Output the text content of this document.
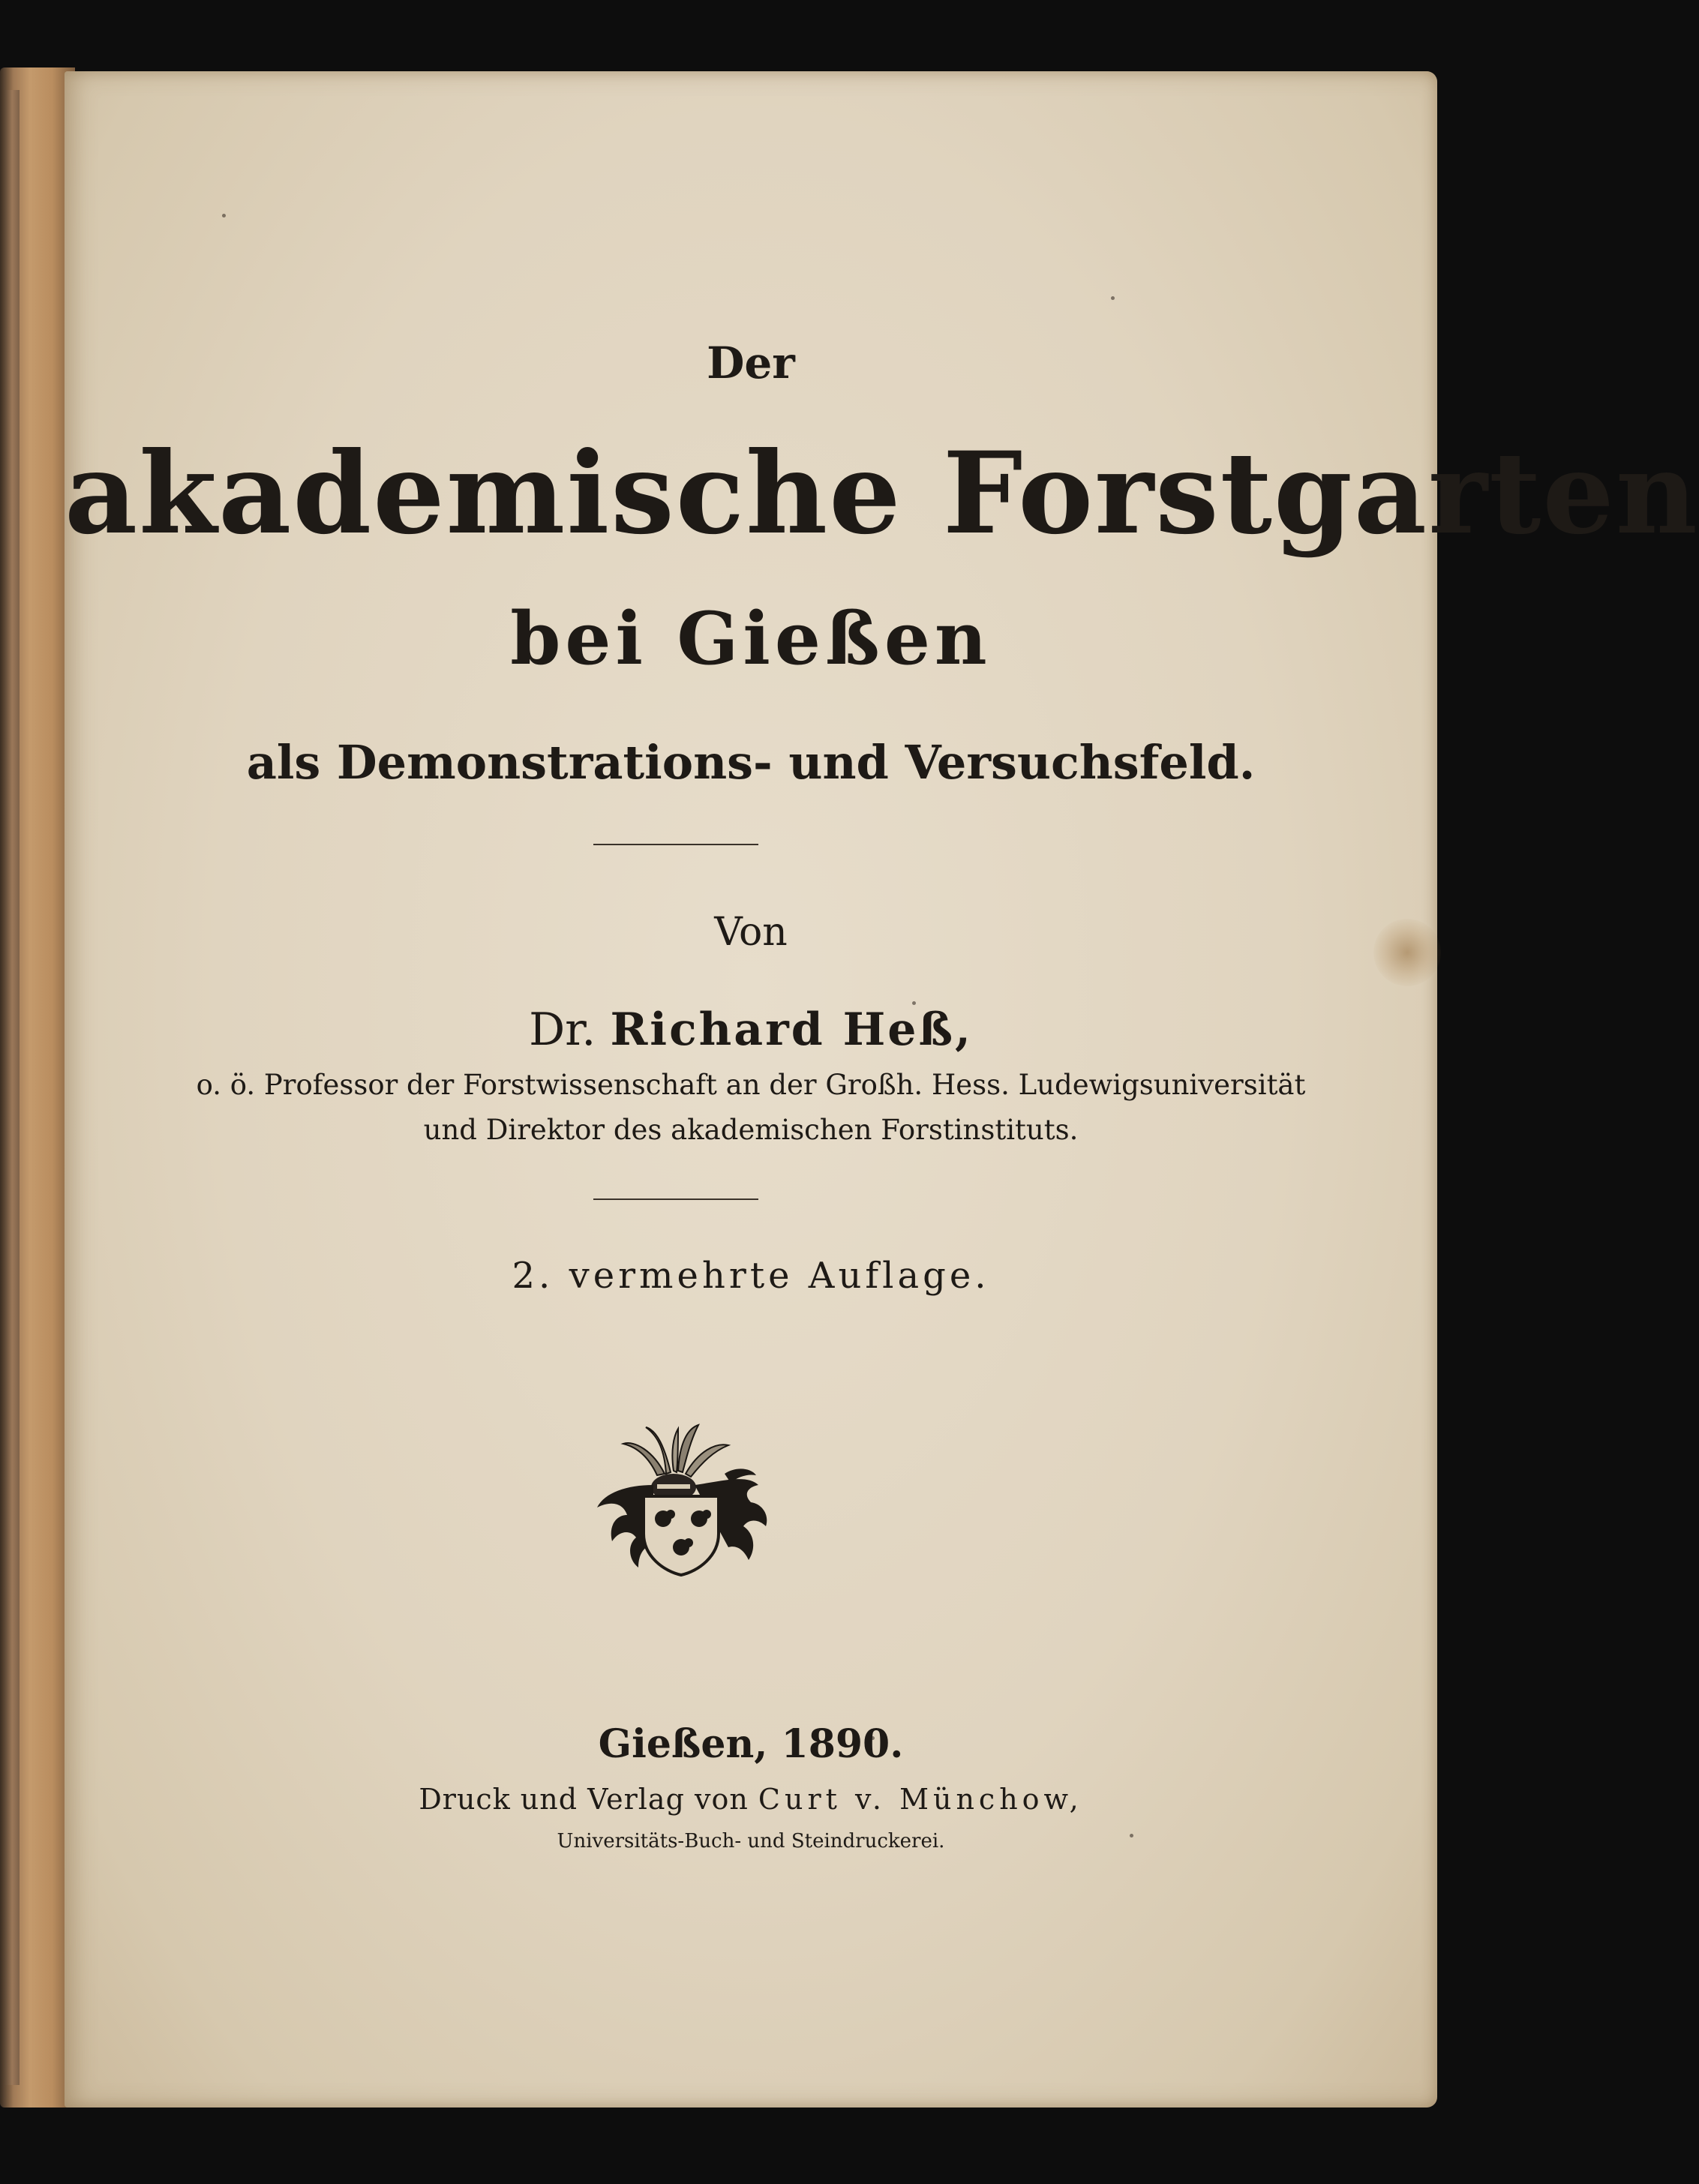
Der
akademische Forstgarten
bei Gießen
als Demonstrations- und Versuchsfeld.
Von
Dr. Richard Heß,
o. ö. Professor der Forstwissenschaft an der Großh. Hess. Ludewigsuniversität
und Direktor des akademischen Forstinstituts.
2. vermehrte Auflage.
Gießen, 1890.
Druck und Verlag von Curt v. Münchow,
Universitäts-Buch- und Steindruckerei.
